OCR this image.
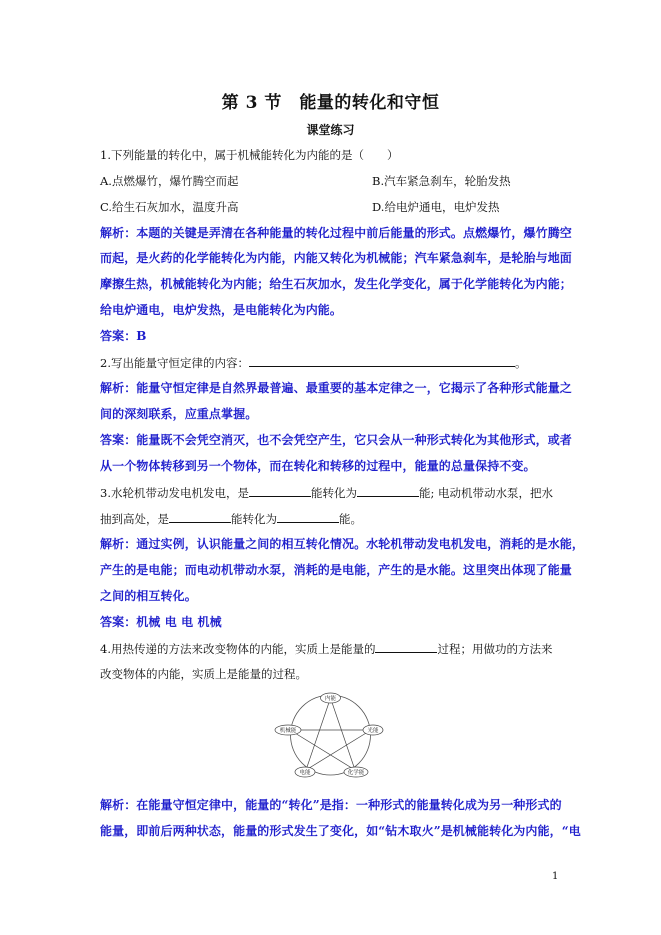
第 3 节　能量的转化和守恒
课堂练习
1.下列能量的转化中，属于机械能转化为内能的是（　　）
A.点燃爆竹，爆竹腾空而起	B.汽车紧急刹车，轮胎发热
C.给生石灰加水，温度升高	D.给电炉通电，电炉发热
解析：本题的关键是弄清在各种能量的转化过程中前后能量的形式。点燃爆竹，爆竹腾空
而起，是火药的化学能转化为内能，内能又转化为机械能；汽车紧急刹车，是轮胎与地面
摩擦生热，机械能转化为内能；给生石灰加水，发生化学变化，属于化学能转化为内能；
给电炉通电，电炉发热，是电能转化为内能。
答案：B
2.写出能量守恒定律的内容：	。
解析：能量守恒定律是自然界最普遍、最重要的基本定律之一，它揭示了各种形式能量之
间的深刻联系，应重点掌握。
答案：能量既不会凭空消灭，也不会凭空产生，它只会从一种形式转化为其他形式，或者
从一个物体转移到另一个物体，而在转化和转移的过程中，能量的总量保持不变。
3.水轮机带动发电机发电，是	能转化为	能; 电动机带动水泵，把水
抽到高处，是	能转化为	能。
解析：通过实例，认识能量之间的相互转化情况。水轮机带动发电机发电，消耗的是水能，
产生的是电能；而电动机带动水泵，消耗的是电能，产生的是水能。这里突出体现了能量
之间的相互转化。
答案：机械 电 电 机械
4.用热传递的方法来改变物体的内能，实质上是能量的	过程；用做功的方法来
改变物体的内能，实质上是能量的过程。
内能
机械能	光能
电能	化学能
解析：在能量守恒定律中，能量的“转化”是指：一种形式的能量转化成为另一种形式的
能量，即前后两种状态，能量的形式发生了变化，如“钻木取火”是机械能转化为内能，“电
1
